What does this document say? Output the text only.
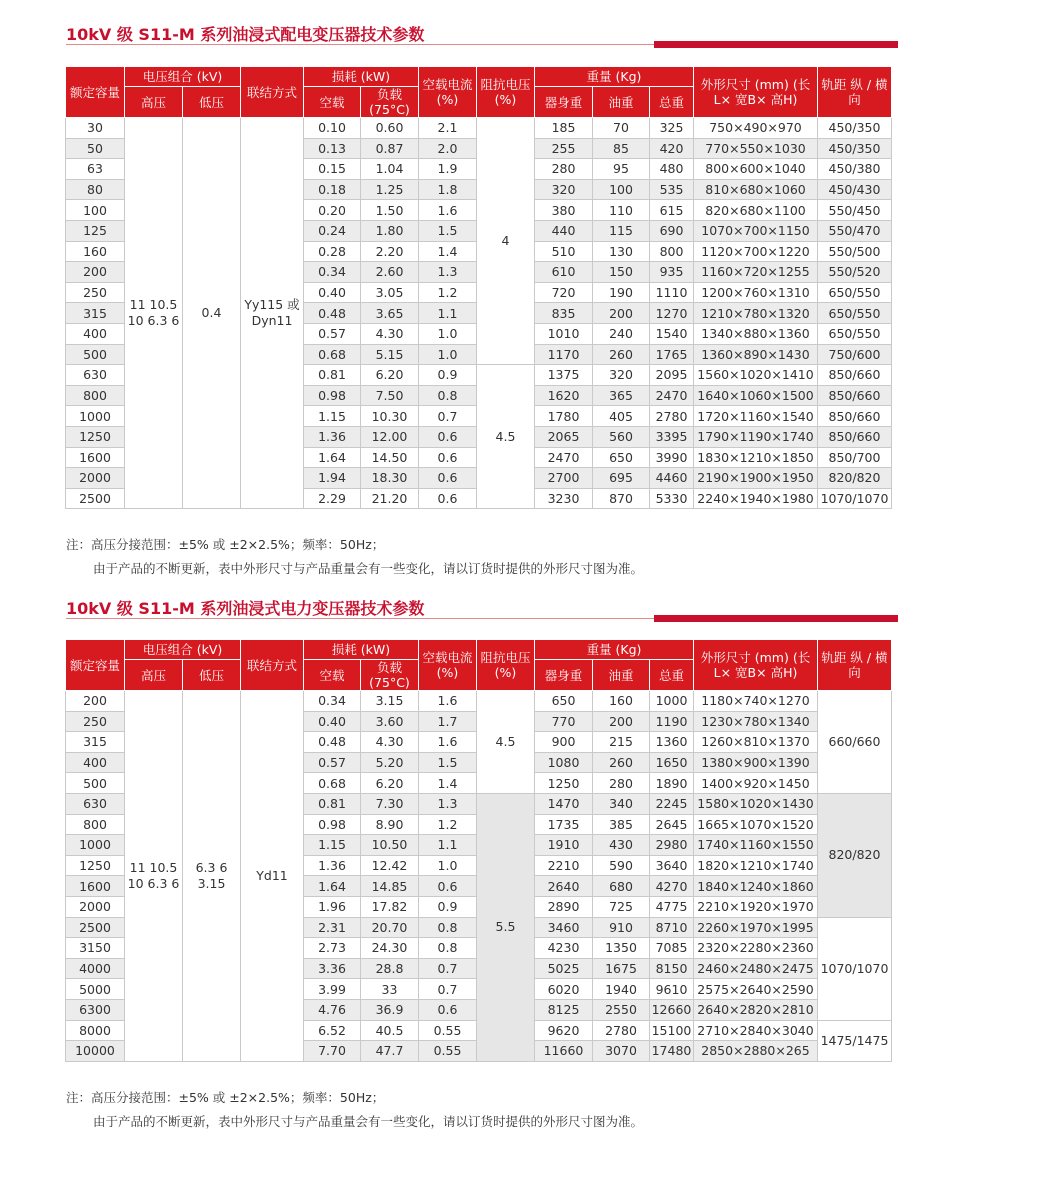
10kV 级 S11-M 系列油浸式配电变压器技术参数
额定容量	电压组合 (kV)		联结方式	损耗 (kW)		空载电流 (%)	阻抗电压 (%)	重量 (Kg)			外形尺寸 (mm) (长L× 宽B× 高H)	轨距 纵 / 横向
	高压	低压		空载	负载 (75°C)			器身重	油重	总重		
30	11 10.5 10 6.3 6	0.4	Yy115 或 Dyn11	0.10	0.60	2.1	4	185	70	325	750×490×970	450/350
50				0.13	0.87	2.0		255	85	420	770×550×1030	450/350
63				0.15	1.04	1.9		280	95	480	800×600×1040	450/380
80				0.18	1.25	1.8		320	100	535	810×680×1060	450/430
100				0.20	1.50	1.6		380	110	615	820×680×1100	550/450
125				0.24	1.80	1.5		440	115	690	1070×700×1150	550/470
160				0.28	2.20	1.4		510	130	800	1120×700×1220	550/500
200				0.34	2.60	1.3		610	150	935	1160×720×1255	550/520
250				0.40	3.05	1.2		720	190	1110	1200×760×1310	650/550
315				0.48	3.65	1.1		835	200	1270	1210×780×1320	650/550
400				0.57	4.30	1.0		1010	240	1540	1340×880×1360	650/550
500				0.68	5.15	1.0		1170	260	1765	1360×890×1430	750/600
630				0.81	6.20	0.9	4.5	1375	320	2095	1560×1020×1410	850/660
800				0.98	7.50	0.8		1620	365	2470	1640×1060×1500	850/660
1000				1.15	10.30	0.7		1780	405	2780	1720×1160×1540	850/660
1250				1.36	12.00	0.6		2065	560	3395	1790×1190×1740	850/660
1600				1.64	14.50	0.6		2470	650	3990	1830×1210×1850	850/700
2000				1.94	18.30	0.6		2700	695	4460	2190×1900×1950	820/820
2500				2.29	21.20	0.6		3230	870	5330	2240×1940×1980	1070/1070
注：高压分接范围：±5% 或 ±2×2.5%；频率：50Hz；
由于产品的不断更新，表中外形尺寸与产品重量会有一些变化，请以订货时提供的外形尺寸图为准。
10kV 级 S11-M 系列油浸式电力变压器技术参数
额定容量	电压组合 (kV)		联结方式	损耗 (kW)		空载电流 (%)	阻抗电压 (%)	重量 (Kg)			外形尺寸 (mm) (长L× 宽B× 高H)	轨距 纵 / 横向
	高压	低压		空载	负载 (75°C)			器身重	油重	总重		
200	11 10.5 10 6.3 6	6.3 6 3.15	Yd11	0.34	3.15	1.6	4.5	650	160	1000	1180×740×1270	660/660
250				0.40	3.60	1.7		770	200	1190	1230×780×1340	
315				0.48	4.30	1.6		900	215	1360	1260×810×1370	
400				0.57	5.20	1.5		1080	260	1650	1380×900×1390	
500				0.68	6.20	1.4		1250	280	1890	1400×920×1450	
630				0.81	7.30	1.3	5.5	1470	340	2245	1580×1020×1430	820/820
800				0.98	8.90	1.2		1735	385	2645	1665×1070×1520	
1000				1.15	10.50	1.1		1910	430	2980	1740×1160×1550	
1250				1.36	12.42	1.0		2210	590	3640	1820×1210×1740	
1600				1.64	14.85	0.6		2640	680	4270	1840×1240×1860	
2000				1.96	17.82	0.9		2890	725	4775	2210×1920×1970	
2500				2.31	20.70	0.8		3460	910	8710	2260×1970×1995	1070/1070
3150				2.73	24.30	0.8		4230	1350	7085	2320×2280×2360	
4000				3.36	28.8	0.7		5025	1675	8150	2460×2480×2475	
5000				3.99	33	0.7		6020	1940	9610	2575×2640×2590	
6300				4.76	36.9	0.6		8125	2550	12660	2640×2820×2810	
8000				6.52	40.5	0.55		9620	2780	15100	2710×2840×3040	1475/1475
10000				7.70	47.7	0.55		11660	3070	17480	2850×2880×265	
注：高压分接范围：±5% 或 ±2×2.5%；频率：50Hz；
由于产品的不断更新，表中外形尺寸与产品重量会有一些变化，请以订货时提供的外形尺寸图为准。
